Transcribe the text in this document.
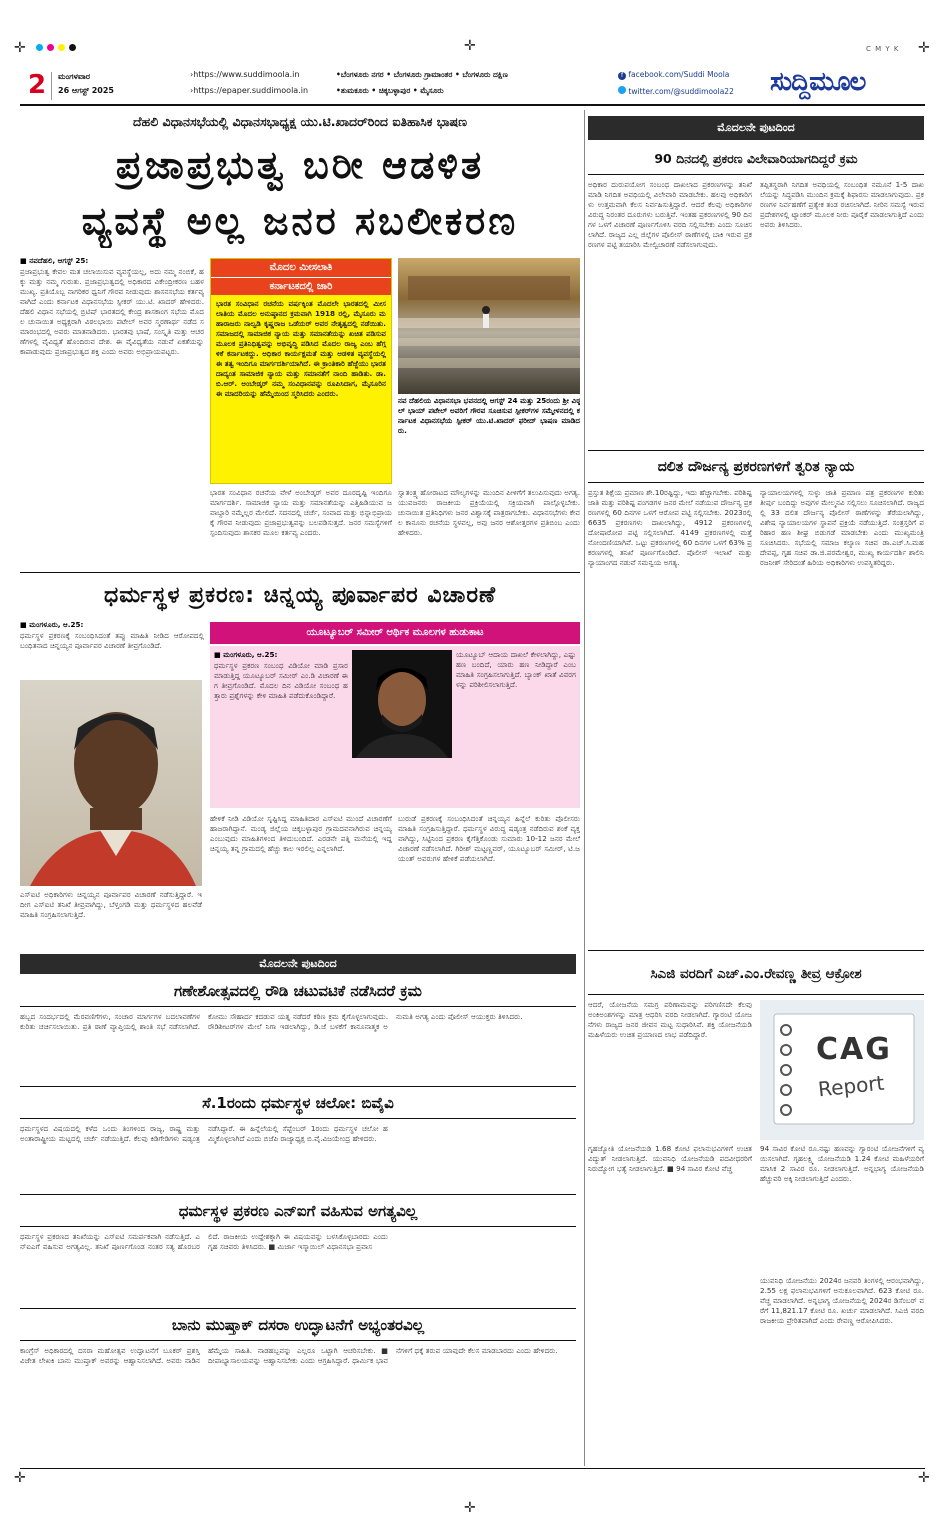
✛	✛	C M Y K ✛
2 ಮಂಗಳವಾರ
26 ಆಗಸ್ಟ್ 2025
›https://www.suddimoola.in
›https://epaper.suddimoola.in
•ಬೆಂಗಳೂರು ನಗರ • ಬೆಂಗಳೂರು ಗ್ರಾಮಾಂತರ • ಬೆಂಗಳೂರು ದಕ್ಷಿಣ
•ತುಮಕೂರು • ಚಿಕ್ಕಬಳ್ಳಾಪುರ • ಮೈಸೂರು
f facebook.com/Suddi Moola
twitter.com/@suddimoola22 ಸುದ್ದಿಮೂಲ
ದೆಹಲಿ ವಿಧಾನಸಭೆಯಲ್ಲಿ ವಿಧಾನಸಭಾಧ್ಯಕ್ಷ ಯು.ಟಿ.ಖಾದರ್‌ರಿಂದ ಐತಿಹಾಸಿಕ ಭಾಷಣ
ಪ್ರಜಾಪ್ರಭುತ್ವ ಬರೀ ಆಡಳಿತ
ವ್ಯವಸ್ಥೆ ಅಲ್ಲ ಜನರ ಸಬಲೀಕರಣ

■ ನವದೆಹಲಿ, ಆಗಸ್ಟ್ 25:

ಪ್ರಜಾಪ್ರಭುತ್ವ ಕೇವಲ ಮತ ಚಲಾಯಿಸುವ ವ್ಯವಸ್ಥೆಯಲ್ಲ, ಅದು ನಮ್ಮ ನಂಬಿಕೆ, ಹಕ್ಕು ಮತ್ತು ನಮ್ಮ ಗುರುತು. ಪ್ರಜಾಪ್ರಭುತ್ವದಲ್ಲಿ ಅಧಿಕಾರದ ವಿಕೇಂದ್ರೀಕರಣ ಬಹಳ ಮುಖ್ಯ. ಪ್ರತಿಯೊಬ್ಬ ನಾಗರಿಕರ ಧ್ವನಿಗೆ ಗೌರವ ನೀಡುವುದು ಶಾಸನಸಭೆಯ ಕರ್ತವ್ಯವಾಗಿದೆ ಎಂದು ಕರ್ನಾಟಕ ವಿಧಾನಸಭೆಯ ಸ್ಪೀಕರ್ ಯು.ಟಿ. ಖಾದರ್ ಹೇಳಿದರು. ದೆಹಲಿ ವಿಧಾನ ಸಭೆಯಲ್ಲಿ ಬ್ರಿಟಿಷ್ ಭಾರತದಲ್ಲಿ ಕೇಂದ್ರ ಶಾಸಕಾಂಗ ಸಭೆಯ ಮೊದಲ ಚುನಾಯಿತ ಅಧ್ಯಕ್ಷರಾಗಿ ವಿಠಲಭಾಯಿ ಪಟೇಲ್ ಅವರ ಸ್ಮರಣಾರ್ಥ ನಡೆದ ಸಮಾರಂಭದಲ್ಲಿ ಅವರು ಮಾತನಾಡಿದರು. ಭಾರತವು ಭಾಷೆ, ಸಂಸ್ಕೃತಿ ಮತ್ತು ಆಚರಣೆಗಳಲ್ಲಿ ವೈವಿಧ್ಯತೆ ಹೊಂದಿರುವ ದೇಶ. ಈ ವೈವಿಧ್ಯತೆಯ ನಡುವೆ ಏಕತೆಯನ್ನು ಕಾಪಾಡುವುದು ಪ್ರಜಾಪ್ರಭುತ್ವದ ಶಕ್ತಿ ಎಂದು ಅವರು ಅಭಿಪ್ರಾಯಪಟ್ಟರು.

ಮೊದಲ ಮೀಸಲಾತಿ
ಕರ್ನಾಟಕದಲ್ಲಿ ಜಾರಿ
ಭಾರತ ಸಂವಿಧಾನ ರಚನೆಯ ವರ್ಷಕ್ಕಿಂತ ಮೊದಲೇ ಭಾರತದಲ್ಲಿ ಮೀಸಲಾತಿಯ ಮೊದಲ ಅನುಷ್ಠಾನದ ಕ್ರಮವಾಗಿ 1918 ರಲ್ಲಿ, ಮೈಸೂರು ಮಹಾರಾಜರು ನಾಲ್ವಡಿ ಕೃಷ್ಣರಾಜ ಒಡೆಯರ್ ಅವರ ನೇತೃತ್ವದಲ್ಲಿ ನಡೆಯಿತು. ಸಮಾಜದಲ್ಲಿ ಸಾಮಾಜಿಕ ನ್ಯಾಯ ಮತ್ತು ಸಮಾನತೆಯನ್ನು ಖಚಿತ ಪಡಿಸುವ ಮೂಲಕ ಪ್ರತಿನಿಧಿತ್ವವನ್ನು ಅಭಿವೃದ್ಧಿ ಪಡಿಸಿದ ಮೊದಲ ರಾಜ್ಯ ಎಂಬ ಹೆಗ್ಗಳಿಕೆ ಕರ್ನಾಟಕದ್ದು. ಅಧಿಕಾರ ಕಾರ್ಯಕ್ಷಮತೆ ಮತ್ತು ಆಡಳಿತ ವ್ಯವಸ್ಥೆಯಲ್ಲಿ ಈ ತತ್ವ ಇಂದಿಗೂ ಮಾರ್ಗದರ್ಶಿಯಾಗಿದೆ. ಈ ಕ್ರಾಂತಿಕಾರಿ ಹೆಜ್ಜೆಯು ಭಾರತದಾದ್ಯಂತ ಸಾಮಾಜಿಕ ನ್ಯಾಯ ಮತ್ತು ಸಮಾನತೆಗೆ ನಾಂದಿ ಹಾಡಿತು. ಡಾ. ಬಿ.ಆರ್. ಅಂಬೇಡ್ಕರ್ ನಮ್ಮ ಸಂವಿಧಾನವನ್ನು ರೂಪಿಸಿದಾಗ, ಮೈಸೂರಿನ ಈ ಮಾದರಿಯನ್ನು ಹೆಮ್ಮೆಯಿಂದ ಸ್ಮರಿಸಿದರು ಎಂದರು.
ನವ ದೆಹಲಿಯ ವಿಧಾನಸಭಾ ಭವನದಲ್ಲಿ ಆಗಸ್ಟ್ 24 ಮತ್ತು 25ರಂದು ಶ್ರೀ ವಿಠ್ಠಲ್ ಭಾಯ್ ಪಟೇಲ್ ಅವರಿಗೆ ಗೌರವ ಸೂಚಿಸುವ ಸ್ಪೀಕರ್‌ಗಳ ಸಮ್ಮೇಳನದಲ್ಲಿ ಕರ್ನಾಟಕ ವಿಧಾನಸಭೆಯ ಸ್ಪೀಕರ್ ಯು.ಟಿ.ಖಾದರ್ ಫರೀದ್ ಭಾಷಣ ಮಾಡಿದರು.
ಭಾರತ ಸಂವಿಧಾನ ರಚನೆಯ ವೇಳೆ ಅಂಬೇಡ್ಕರ್ ಅವರ ದೂರದೃಷ್ಟಿ ಇಂದಿಗೂ ಮಾರ್ಗದರ್ಶಿ. ಸಾಮಾಜಿಕ ನ್ಯಾಯ ಮತ್ತು ಸಮಾನತೆಯನ್ನು ಎತ್ತಿಹಿಡಿಯುವ ಜವಾಬ್ದಾರಿ ನಮ್ಮೆಲ್ಲರ ಮೇಲಿದೆ. ಸದನದಲ್ಲಿ ಚರ್ಚೆ, ಸಂವಾದ ಮತ್ತು ಭಿನ್ನಾಭಿಪ್ರಾಯಕ್ಕೆ ಗೌರವ ನೀಡುವುದು ಪ್ರಜಾಪ್ರಭುತ್ವವನ್ನು ಬಲಪಡಿಸುತ್ತದೆ. ಜನರ ಸಮಸ್ಯೆಗಳಿಗೆ ಸ್ಪಂದಿಸುವುದು ಶಾಸಕರ ಮೂಲ ಕರ್ತವ್ಯ ಎಂದರು.
ಸ್ವಾತಂತ್ರ್ಯ ಹೋರಾಟದ ಮೌಲ್ಯಗಳನ್ನು ಮುಂದಿನ ಪೀಳಿಗೆಗೆ ತಲುಪಿಸುವುದು ಅಗತ್ಯ. ಯುವಜನರು ರಾಜಕೀಯ ಪ್ರಕ್ರಿಯೆಯಲ್ಲಿ ಸಕ್ರಿಯವಾಗಿ ಪಾಲ್ಗೊಳ್ಳಬೇಕು. ಚುನಾಯಿತ ಪ್ರತಿನಿಧಿಗಳು ಜನರ ವಿಶ್ವಾಸಕ್ಕೆ ಪಾತ್ರರಾಗಬೇಕು. ವಿಧಾನಸಭೆಗಳು ಕೇವಲ ಕಾನೂನು ರಚನೆಯ ಸ್ಥಳವಲ್ಲ, ಅವು ಜನರ ಆಶೋತ್ತರಗಳ ಪ್ರತಿಬಿಂಬ ಎಂದು ಹೇಳಿದರು.
ಮೊದಲನೇ ಪುಟದಿಂದ
90 ದಿನದಲ್ಲಿ ಪ್ರಕರಣ ವಿಲೇವಾರಿಯಾಗದಿದ್ದರೆ ಕ್ರಮ
ಅಧಿಕಾರ ದುರುಪಯೋಗ ಸಂಬಂಧ ದಾಖಲಾದ ಪ್ರಕರಣಗಳನ್ನು ತನಿಖೆ ಮಾಡಿ ನಿಗದಿತ ಅವಧಿಯಲ್ಲಿ ವಿಲೇವಾರಿ ಮಾಡಬೇಕು. ಹಲವು ಅಧಿಕಾರಿಗಳು ಉತ್ತಮವಾಗಿ ಕೆಲಸ ನಿರ್ವಹಿಸುತ್ತಿದ್ದಾರೆ. ಆದರೆ ಕೆಲವು ಅಧಿಕಾರಿಗಳ ವಿರುದ್ಧ ನಿರಂತರ ದೂರುಗಳು ಬರುತ್ತಿವೆ. ಇಂತಹ ಪ್ರಕರಣಗಳಲ್ಲಿ 90 ದಿನಗಳ ಒಳಗೆ ವಿಚಾರಣೆ ಪೂರ್ಣಗೊಳಿಸಿ ವರದಿ ಸಲ್ಲಿಸಬೇಕು ಎಂದು ಸೂಚಿಸಲಾಗಿದೆ. ರಾಜ್ಯದ ಎಲ್ಲ ಜಿಲ್ಲೆಗಳ ಪೊಲೀಸ್ ಠಾಣೆಗಳಲ್ಲಿ ಬಾಕಿ ಇರುವ ಪ್ರಕರಣಗಳ ಪಟ್ಟಿ ತಯಾರಿಸಿ ಮೇಲ್ವಿಚಾರಣೆ ನಡೆಸಲಾಗುವುದು.
ತಪ್ಪಿತಸ್ಥರಾಗಿ ನಿಗದಿತ ಅವಧಿಯಲ್ಲಿ ಸಂಬಂಧಿತ ನಮೂನೆ 1-5 ದಾಖಲೆಯನ್ನು ಸಿದ್ಧಪಡಿಸಿ ಮುಂದಿನ ಕ್ರಮಕ್ಕೆ ಶಿಫಾರಸು ಮಾಡಲಾಗುವುದು. ಪ್ರಕರಣಗಳ ನಿರ್ವಹಣೆಗೆ ಪ್ರತ್ಯೇಕ ತಂಡ ರಚಿಸಲಾಗಿದೆ. ನೀರಿನ ಸಮಸ್ಯೆ ಇರುವ ಪ್ರದೇಶಗಳಲ್ಲಿ ಟ್ಯಾಂಕರ್ ಮೂಲಕ ನೀರು ಪೂರೈಕೆ ಮಾಡಲಾಗುತ್ತಿದೆ ಎಂದು ಅವರು ತಿಳಿಸಿದರು.
ದಲಿತ ದೌರ್ಜನ್ಯ ಪ್ರಕರಣಗಳಿಗೆ ತ್ವರಿತ ನ್ಯಾಯ
ಪ್ರಸ್ತುತ ಶಿಕ್ಷೆಯ ಪ್ರಮಾಣ ಶೇ.10ರಷ್ಟಿದ್ದು, ಇದು ಹೆಚ್ಚಾಗಬೇಕು. ಪರಿಶಿಷ್ಟ ಜಾತಿ ಮತ್ತು ಪರಿಶಿಷ್ಟ ಪಂಗಡಗಳ ಜನರ ಮೇಲೆ ನಡೆಯುವ ದೌರ್ಜನ್ಯ ಪ್ರಕರಣಗಳಲ್ಲಿ 60 ದಿನಗಳ ಒಳಗೆ ಆರೋಪ ಪಟ್ಟಿ ಸಲ್ಲಿಸಬೇಕು. 2023ರಲ್ಲಿ 6635 ಪ್ರಕರಣಗಳು ದಾಖಲಾಗಿದ್ದು, 4912 ಪ್ರಕರಣಗಳಲ್ಲಿ ದೋಷಾರೋಪ ಪಟ್ಟಿ ಸಲ್ಲಿಸಲಾಗಿದೆ. 4149 ಪ್ರಕರಣಗಳಲ್ಲಿ ಮತ್ತೆ ನೋಂದಣಿಯಾಗಿವೆ. ಒಟ್ಟು ಪ್ರಕರಣಗಳಲ್ಲಿ 60 ದಿನಗಳ ಒಳಗೆ 63% ಪ್ರಕರಣಗಳಲ್ಲಿ ತನಿಖೆ ಪೂರ್ಣಗೊಂಡಿದೆ. ಪೊಲೀಸ್ ಇಲಾಖೆ ಮತ್ತು ನ್ಯಾಯಾಂಗದ ನಡುವೆ ಸಮನ್ವಯ ಅಗತ್ಯ.
ನ್ಯಾಯಾಲಯಗಳಲ್ಲಿ ಸುಳ್ಳು ಜಾತಿ ಪ್ರಮಾಣ ಪತ್ರ ಪ್ರಕರಣಗಳ ಕುರಿತು ತೀರ್ಪು ಬಂದಿದ್ದು ಅವುಗಳ ಮೇಲ್ಮನವಿ ಸಲ್ಲಿಸಲು ಸೂಚಿಸಲಾಗಿದೆ. ರಾಜ್ಯದಲ್ಲಿ 33 ದಲಿತ ದೌರ್ಜನ್ಯ ಪೊಲೀಸ್ ಠಾಣೆಗಳನ್ನು ತೆರೆಯಲಾಗಿದ್ದು, ವಿಶೇಷ ನ್ಯಾಯಾಲಯಗಳ ಸ್ಥಾಪನೆ ಪ್ರಕ್ರಿಯೆ ನಡೆಯುತ್ತಿದೆ. ಸಂತ್ರಸ್ತರಿಗೆ ಪರಿಹಾರ ಹಣ ಶೀಘ್ರ ಬಿಡುಗಡೆ ಮಾಡಬೇಕು ಎಂದು ಮುಖ್ಯಮಂತ್ರಿ ಸೂಚಿಸಿದರು. ಸಭೆಯಲ್ಲಿ ಸಮಾಜ ಕಲ್ಯಾಣ ಸಚಿವ ಡಾ.ಎಚ್.ಸಿ.ಮಹದೇವಪ್ಪ, ಗೃಹ ಸಚಿವ ಡಾ.ಜಿ.ಪರಮೇಶ್ವರ, ಮುಖ್ಯ ಕಾರ್ಯದರ್ಶಿ ಶಾಲಿನಿ ರಜನೀಶ್ ಸೇರಿದಂತೆ ಹಿರಿಯ ಅಧಿಕಾರಿಗಳು ಉಪಸ್ಥಿತರಿದ್ದರು.
ಧರ್ಮಸ್ಥಳ ಪ್ರಕರಣ: ಚಿನ್ನಯ್ಯ ಪೂರ್ವಾಪರ ವಿಚಾರಣೆ

■ ಮಂಗಳೂರು, ಆ.25:

ಧರ್ಮಸ್ಥಳ ಪ್ರಕರಣಕ್ಕೆ ಸಂಬಂಧಿಸಿದಂತೆ ತಪ್ಪು ಮಾಹಿತಿ ನೀಡಿದ ಆರೋಪದಲ್ಲಿ ಬಂಧಿತನಾದ ಚಿನ್ನಯ್ಯನ ಪೂರ್ವಾಪರ ವಿಚಾರಣೆ ತೀವ್ರಗೊಂಡಿದೆ.

ಎಸ್‌ಐಟಿ ಅಧಿಕಾರಿಗಳು ಚಿನ್ನಯ್ಯನ ಪೂರ್ವಾಪರ ವಿಚಾರಣೆ ನಡೆಸುತ್ತಿದ್ದಾರೆ. ಇದೀಗ ಎಸ್‌ಐಟಿ ತನಿಖೆ ತೀವ್ರವಾಗಿದ್ದು, ಬೆಳ್ತಂಗಡಿ ಮತ್ತು ಧರ್ಮಸ್ಥಳದ ಹಲವೆಡೆ ಮಾಹಿತಿ ಸಂಗ್ರಹಿಸಲಾಗುತ್ತಿದೆ.
ಯೂಟ್ಯೂಬರ್ ಸಮೀರ್ ಆರ್ಥಿಕ ಮೂಲಗಳ ಹುಡುಕಾಟ

■ ಮಂಗಳೂರು, ಆ.25:

ಧರ್ಮಸ್ಥಳ ಪ್ರಕರಣ ಸಂಬಂಧ ವಿಡಿಯೋ ಮಾಡಿ ಪ್ರಸಾರ ಮಾಡುತ್ತಿದ್ದ ಯೂಟ್ಯೂಬರ್ ಸಮೀರ್ ಎಂ.ಡಿ ವಿಚಾರಣೆ ಈಗ ತೀವ್ರಗೊಂಡಿದೆ. ಮೊದಲ ದಿನ ವಿಡಿಯೋ ಸಂಬಂಧ ಹತ್ತಾರು ಪ್ರಶ್ನೆಗಳನ್ನು ಕೇಳಿ ಮಾಹಿತಿ ಪಡೆದುಕೊಂಡಿದ್ದಾರೆ.

ಯೂಟ್ಯೂಬ್ ಆದಾಯ ದಾಖಲೆ ಕೇಳಲಾಗಿದ್ದು, ಎಷ್ಟು ಹಣ ಬಂದಿದೆ, ಯಾರು ಹಣ ನೀಡಿದ್ದಾರೆ ಎಂಬ ಮಾಹಿತಿ ಸಂಗ್ರಹಿಸಲಾಗುತ್ತಿದೆ. ಬ್ಯಾಂಕ್ ಖಾತೆ ವಿವರಗಳನ್ನು ಪರಿಶೀಲಿಸಲಾಗುತ್ತಿದೆ.
ಹೇಳಿಕೆ ನೀಡಿ ವಿಡಿಯೋ ಸೃಷ್ಟಿಸಿದ್ದ ಮಾಹಿತಿದಾರ ಎಸ್‌ಐಟಿ ಮುಂದೆ ವಿಚಾರಣೆಗೆ ಹಾಜರಾಗಿದ್ದಾನೆ. ಮಂಡ್ಯ ಜಿಲ್ಲೆಯ ಚಿಕ್ಕಬಳ್ಳಾಪುರ ಗ್ರಾಮದವನಾಗಿರುವ ಚಿನ್ನಯ್ಯ ಎಂಬುವುದು ಮಾಹಿತಿಗಳಿಂದ ತಿಳಿದುಬಂದಿದೆ. ಎರಡನೇ ಪತ್ನಿ ಮನೆಯಲ್ಲಿ ಇದ್ದ ಚಿನ್ನಯ್ಯ ತನ್ನ ಗ್ರಾಮದಲ್ಲಿ ಹೆಚ್ಚು ಕಾಲ ಇರಲಿಲ್ಲ ಎನ್ನಲಾಗಿದೆ.
ಬುರುಡೆ ಪ್ರಕರಣಕ್ಕೆ ಸಂಬಂಧಿಸಿದಂತೆ ಚಿನ್ನಯ್ಯನ ಹಿನ್ನೆಲೆ ಕುರಿತು ಪೊಲೀಸರು ಮಾಹಿತಿ ಸಂಗ್ರಹಿಸುತ್ತಿದ್ದಾರೆ. ಧರ್ಮಸ್ಥಳ ವಿರುದ್ಧ ಷಡ್ಯಂತ್ರ ನಡೆದಿರುವ ಶಂಕೆ ವ್ಯಕ್ತವಾಗಿದ್ದು, ಸಿಟ್ಟಿನಿಂದ ಪ್ರಕರಣ ಕೈಗೆತ್ತಿಕೊಂಡು ಸುಮಾರು 10-12 ಜನರ ಮೇಲೆ ವಿಚಾರಣೆ ನಡೆಸಲಾಗಿದೆ. ಗಿರೀಶ್ ಮಟ್ಟಣ್ಣವರ್, ಯೂಟ್ಯೂಬರ್ ಸಮೀರ್, ಟಿ.ಜಯಂತ್ ಅವರುಗಳ ಹೇಳಿಕೆ ಪಡೆಯಲಾಗಿದೆ.
ಮೊದಲನೇ ಪುಟದಿಂದ
ಗಣೇಶೋತ್ಸವದಲ್ಲಿ ರೌಡಿ ಚಟುವಟಿಕೆ ನಡೆಸಿದರೆ ಕ್ರಮ
ಹಬ್ಬದ ಸಂದರ್ಭದಲ್ಲಿ ಮೆರವಣಿಗೆಗಳು, ಸಂಚಾರ ಮಾರ್ಗಗಳ ಬದಲಾವಣೆಗಳ ಕುರಿತು ಚರ್ಚಿಸಲಾಯಿತು. ಪ್ರತಿ ಠಾಣೆ ವ್ಯಾಪ್ತಿಯಲ್ಲಿ ಶಾಂತಿ ಸಭೆ ನಡೆಸಲಾಗಿದೆ. ಕೋಮು ಸೌಹಾರ್ದ ಕದಡುವ ಯತ್ನ ನಡೆದರೆ ಕಠಿಣ ಕ್ರಮ ಕೈಗೊಳ್ಳಲಾಗುವುದು. ರೌಡಿಶೀಟರ್‌ಗಳ ಮೇಲೆ ನಿಗಾ ಇಡಲಾಗಿದ್ದು, ಡಿ.ಜೆ ಬಳಕೆಗೆ ಕಾನೂನಾತ್ಮಕ ಅನುಮತಿ ಅಗತ್ಯ ಎಂದು ಪೊಲೀಸ್ ಆಯುಕ್ತರು ತಿಳಿಸಿದರು.
ಸೆ.1ರಂದು ಧರ್ಮಸ್ಥಳ ಚಲೋ: ಬಿವೈವಿ
ಧರ್ಮಸ್ಥಳದ ವಿಷಯದಲ್ಲಿ ಕಳೆದ ಒಂದು ತಿಂಗಳಿಂದ ರಾಜ್ಯ, ರಾಷ್ಟ್ರ ಮತ್ತು ಅಂತಾರಾಷ್ಟ್ರೀಯ ಮಟ್ಟದಲ್ಲಿ ಚರ್ಚೆ ನಡೆಯುತ್ತಿದೆ. ಕೆಲವು ಕಿಡಿಗೇಡಿಗಳು ಷಡ್ಯಂತ್ರ ನಡೆಸಿದ್ದಾರೆ. ಈ ಹಿನ್ನೆಲೆಯಲ್ಲಿ ಸೆಪ್ಟೆಂಬರ್ 1ರಂದು ಧರ್ಮಸ್ಥಳ ಚಲೋ ಹಮ್ಮಿಕೊಳ್ಳಲಾಗಿದೆ ಎಂದು ಬಿಜೆಪಿ ರಾಜ್ಯಾಧ್ಯಕ್ಷ ಬಿ.ವೈ.ವಿಜಯೇಂದ್ರ ಹೇಳಿದರು.
ಧರ್ಮಸ್ಥಳ ಪ್ರಕರಣ ಎನ್‌ಐಗೆ ವಹಿಸುವ ಅಗತ್ಯವಿಲ್ಲ
ಧರ್ಮಸ್ಥಳ ಪ್ರಕರಣದ ತನಿಖೆಯನ್ನು ಎಸ್‌ಐಟಿ ಸಮರ್ಪಕವಾಗಿ ನಡೆಸುತ್ತಿದೆ. ಎನ್‌ಐಎಗೆ ವಹಿಸುವ ಅಗತ್ಯವಿಲ್ಲ. ತನಿಖೆ ಪೂರ್ಣಗೊಂಡ ನಂತರ ಸತ್ಯ ಹೊರಬರಲಿದೆ. ರಾಜಕೀಯ ಉದ್ದೇಶಕ್ಕಾಗಿ ಈ ವಿಷಯವನ್ನು ಬಳಸಿಕೊಳ್ಳಬಾರದು ಎಂದು ಗೃಹ ಸಚಿವರು ತಿಳಿಸಿದರು. ■ ಮಿರ್ಜಾ ಇಸ್ಮಾಯಿಲ್ ವಿಧಾನಸಭಾ ಪ್ರವಾಸ
ಬಾನು ಮುಷ್ತಾಕ್ ದಸರಾ ಉದ್ಘಾಟನೆಗೆ ಅಭ್ಯಂತರವಿಲ್ಲ
ಕಾಂಗ್ರೆಸ್ ಅಧಿಕಾರದಲ್ಲಿ ದಸರಾ ಮಹೋತ್ಸವ ಉದ್ಘಾಟನೆಗೆ ಬೂಕರ್ ಪ್ರಶಸ್ತಿ ವಿಜೇತ ಲೇಖಕಿ ಬಾನು ಮುಷ್ತಾಕ್ ಅವರನ್ನು ಆಹ್ವಾನಿಸಲಾಗಿದೆ. ಅವರು ನಾಡಿನ ಹೆಮ್ಮೆಯ ಸಾಹಿತಿ. ನಾಡಹಬ್ಬವನ್ನು ಎಲ್ಲರೂ ಒಟ್ಟಾಗಿ ಆಚರಿಸಬೇಕು. ■ ದೀಪಾಭ್ಯಾಸಾಲಯವನ್ನು ಆಹ್ವಾನಿಸಬೇಕು ಎಂದು ಆಗ್ರಹಿಸಿದ್ದಾರೆ. ಧಾರ್ಮಿಕ ಭಾವನೆಗಳಿಗೆ ಧಕ್ಕೆ ತರುವ ಯಾವುದೇ ಕೆಲಸ ಮಾಡಬಾರದು ಎಂದು ಹೇಳಿದರು.
ಸಿಎಜಿ ವರದಿಗೆ ಎಚ್.ಎಂ.ರೇವಣ್ಣ ತೀವ್ರ ಆಕ್ರೋಶ
ಆದರೆ, ಯೋಜನೆಯ ಸಮಗ್ರ ಪರಿಣಾಮವನ್ನು ಪರಿಗಣಿಸದೇ ಕೆಲವು ಅಂಕಿಅಂಶಗಳನ್ನು ಮಾತ್ರ ಆಧರಿಸಿ ವರದಿ ನೀಡಲಾಗಿದೆ. ಗ್ಯಾರಂಟಿ ಯೋಜನೆಗಳು ರಾಜ್ಯದ ಜನರ ಜೀವನ ಮಟ್ಟ ಸುಧಾರಿಸಿವೆ. ಶಕ್ತಿ ಯೋಜನೆಯಡಿ ಮಹಿಳೆಯರು ಉಚಿತ ಪ್ರಯಾಣದ ಲಾಭ ಪಡೆದಿದ್ದಾರೆ.	CAG
Report
94 ಸಾವಿರ ಕೋಟಿ ರೂ.ನಷ್ಟು ಹಣವನ್ನು ಗ್ಯಾರಂಟಿ ಯೋಜನೆಗಳಿಗೆ ವ್ಯಯಿಸಲಾಗಿದೆ. ಗೃಹಲಕ್ಷ್ಮಿ ಯೋಜನೆಯಡಿ 1.24 ಕೋಟಿ ಮಹಿಳೆಯರಿಗೆ ಮಾಸಿಕ 2 ಸಾವಿರ ರೂ. ನೀಡಲಾಗುತ್ತಿದೆ. ಅನ್ನಭಾಗ್ಯ ಯೋಜನೆಯಡಿ ಹೆಚ್ಚುವರಿ ಅಕ್ಕಿ ನೀಡಲಾಗುತ್ತಿದೆ ಎಂದರು.
ಗೃಹಜ್ಯೋತಿ ಯೋಜನೆಯಡಿ 1.68 ಕೋಟಿ ಫಲಾನುಭವಿಗಳಿಗೆ ಉಚಿತ ವಿದ್ಯುತ್ ನೀಡಲಾಗುತ್ತಿದೆ. ಯುವನಿಧಿ ಯೋಜನೆಯಡಿ ಪದವೀಧರರಿಗೆ ನಿರುದ್ಯೋಗ ಭತ್ಯೆ ನೀಡಲಾಗುತ್ತಿದೆ. ■ 94 ಸಾವಿರ ಕೋಟಿ ವೆಚ್ಚ
ಯುವನಿಧಿ ಯೋಜನೆಯು 2024ರ ಜನವರಿ ತಿಂಗಳಲ್ಲಿ ಆರಂಭವಾಗಿದ್ದು, 2.55 ಲಕ್ಷ ಫಲಾನುಭವಿಗಳಿಗೆ ಅನುಕೂಲವಾಗಿದೆ. 623 ಕೋಟಿ ರೂ. ವೆಚ್ಚ ಮಾಡಲಾಗಿದೆ. ಅನ್ನಭಾಗ್ಯ ಯೋಜನೆಯಲ್ಲಿ 2024ರ ಡಿಸೆಂಬರ್ ವರೆಗೆ 11,821.17 ಕೋಟಿ ರೂ. ಖರ್ಚು ಮಾಡಲಾಗಿದೆ. ಸಿಎಜಿ ವರದಿ ರಾಜಕೀಯ ಪ್ರೇರಿತವಾಗಿದೆ ಎಂದು ರೇವಣ್ಣ ಆರೋಪಿಸಿದರು.
✛
✛
✛
